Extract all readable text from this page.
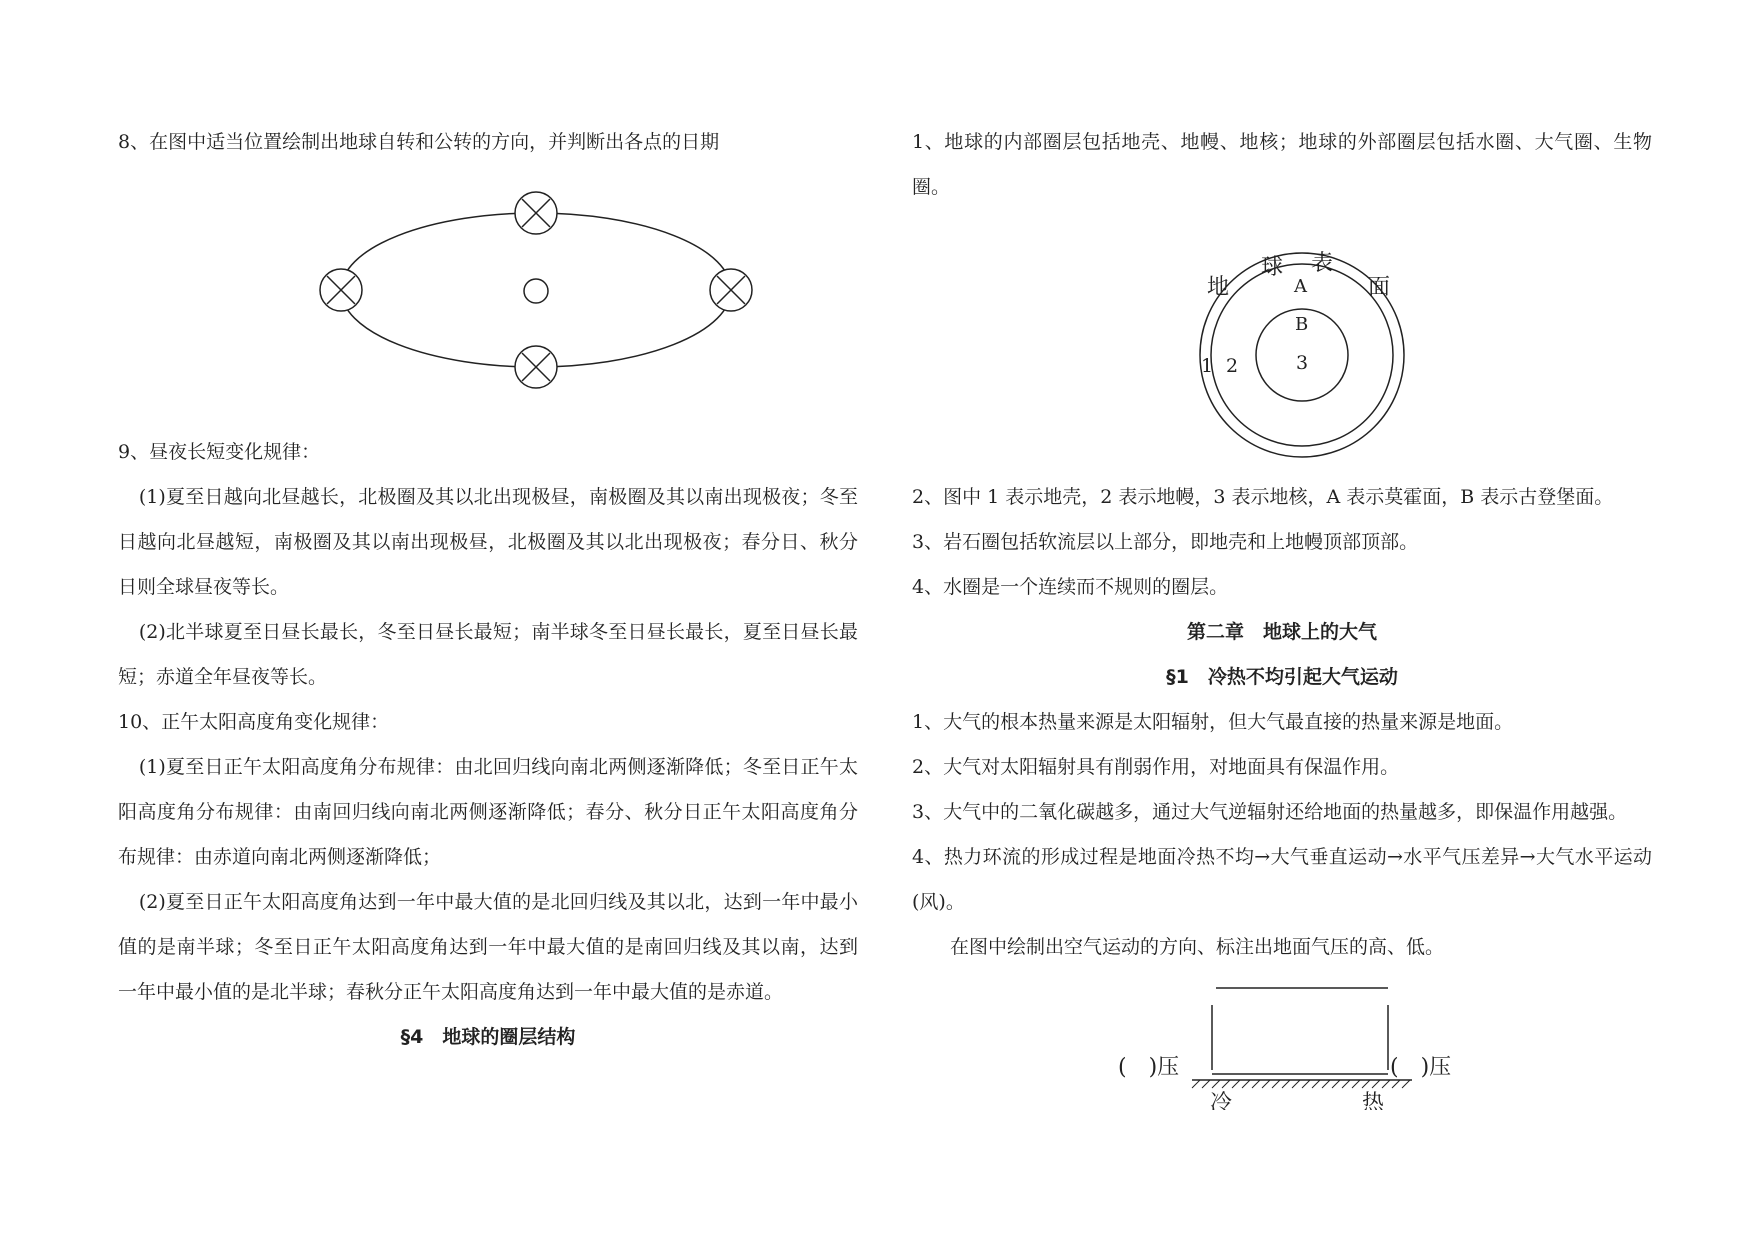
8、在图中适当位置绘制出地球自转和公转的方向，并判断出各点的日期

9、昼夜长短变化规律：

(1)夏至日越向北昼越长，北极圈及其以北出现极昼，南极圈及其以南出现极夜；冬至日越向北昼越短，南极圈及其以南出现极昼，北极圈及其以北出现极夜；春分日、秋分日则全球昼夜等长。

(2)北半球夏至日昼长最长，冬至日昼长最短；南半球冬至日昼长最长，夏至日昼长最短；赤道全年昼夜等长。

10、正午太阳高度角变化规律：

(1)夏至日正午太阳高度角分布规律：由北回归线向南北两侧逐渐降低；冬至日正午太阳高度角分布规律：由南回归线向南北两侧逐渐降低；春分、秋分日正午太阳高度角分布规律：由赤道向南北两侧逐渐降低；

(2)夏至日正午太阳高度角达到一年中最大值的是北回归线及其以北，达到一年中最小值的是南半球；冬至日正午太阳高度角达到一年中最大值的是南回归线及其以南，达到一年中最小值的是北半球；春秋分正午太阳高度角达到一年中最大值的是赤道。

§4　地球的圈层结构

1、地球的内部圈层包括地壳、地幔、地核；地球的外部圈层包括水圈、大气圈、生物圈。

地
球 表
面
A
B
1 2	3

2、图中 1 表示地壳，2 表示地幔，3 表示地核，A 表示莫霍面，B 表示古登堡面。

3、岩石圈包括软流层以上部分，即地壳和上地幔顶部顶部。

4、水圈是一个连续而不规则的圈层。

第二章　地球上的大气

§1　冷热不均引起大气运动

1、大气的根本热量来源是太阳辐射，但大气最直接的热量来源是地面。

2、大气对太阳辐射具有削弱作用，对地面具有保温作用。

3、大气中的二氧化碳越多，通过大气逆辐射还给地面的热量越多，即保温作用越强。

4、热力环流的形成过程是地面冷热不均→大气垂直运动→水平气压差异→大气水平运动(风)。

在图中绘制出空气运动的方向、标注出地面气压的高、低。

(　)压	(　)压
冷	热
